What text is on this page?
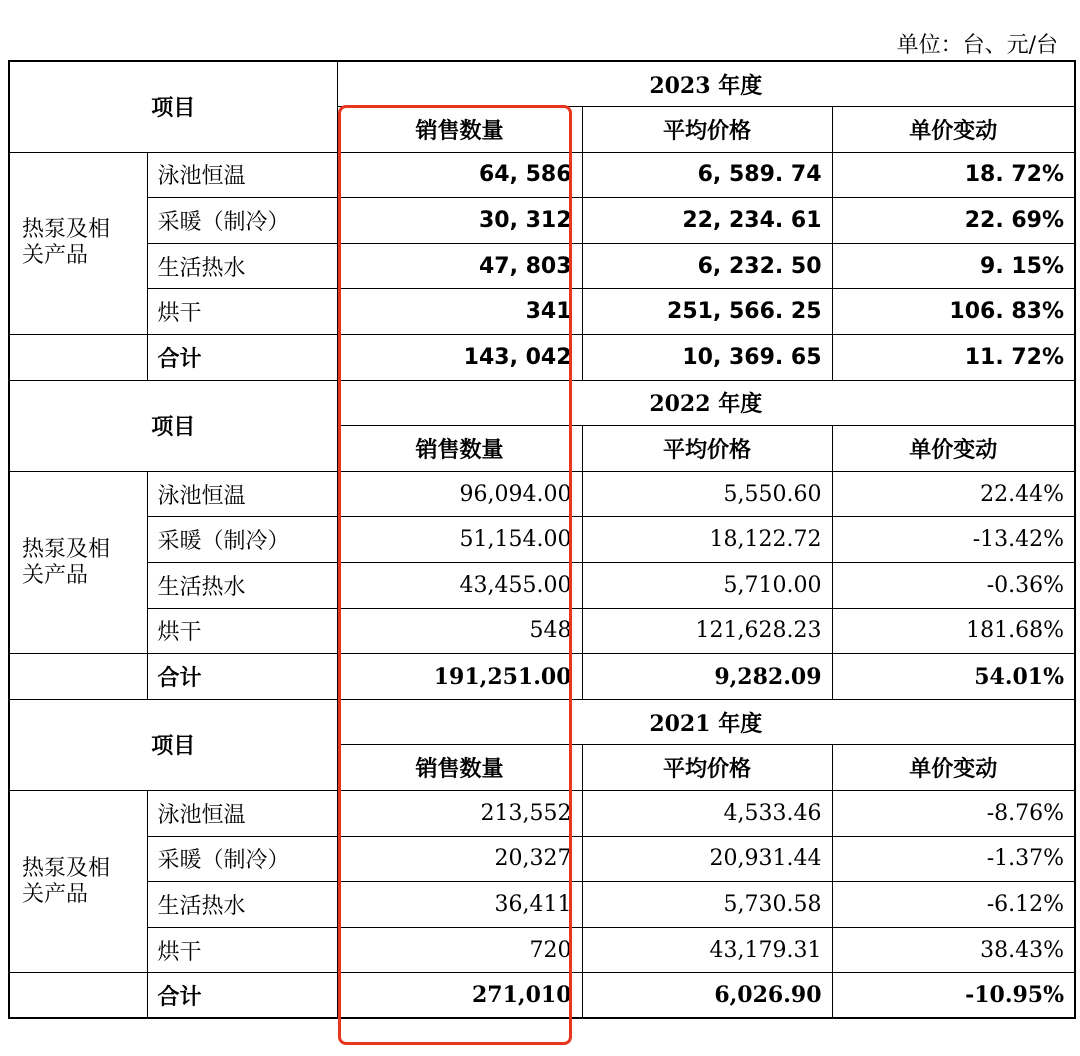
单位：台、元/台
项目		2023 年度		
		销售数量	平均价格	单价变动
热泵及相
关产品	泳池恒温	64, 586	6, 589. 74	18. 72%
	采暖（制冷）	30, 312	22, 234. 61	22. 69%
	生活热水	47, 803	6, 232. 50	9. 15%
	烘干	341	251, 566. 25	106. 83%
	合计	143, 042	10, 369. 65	11. 72%
项目		2022 年度		
		销售数量	平均价格	单价变动
热泵及相
关产品	泳池恒温	96,094.00	5,550.60	22.44%
	采暖（制冷）	51,154.00	18,122.72	-13.42%
	生活热水	43,455.00	5,710.00	-0.36%
	烘干	548	121,628.23	181.68%
	合计	191,251.00	9,282.09	54.01%
项目		2021 年度		
		销售数量	平均价格	单价变动
热泵及相
关产品	泳池恒温	213,552	4,533.46	-8.76%
	采暖（制冷）	20,327	20,931.44	-1.37%
	生活热水	36,411	5,730.58	-6.12%
	烘干	720	43,179.31	38.43%
	合计	271,010	6,026.90	-10.95%
